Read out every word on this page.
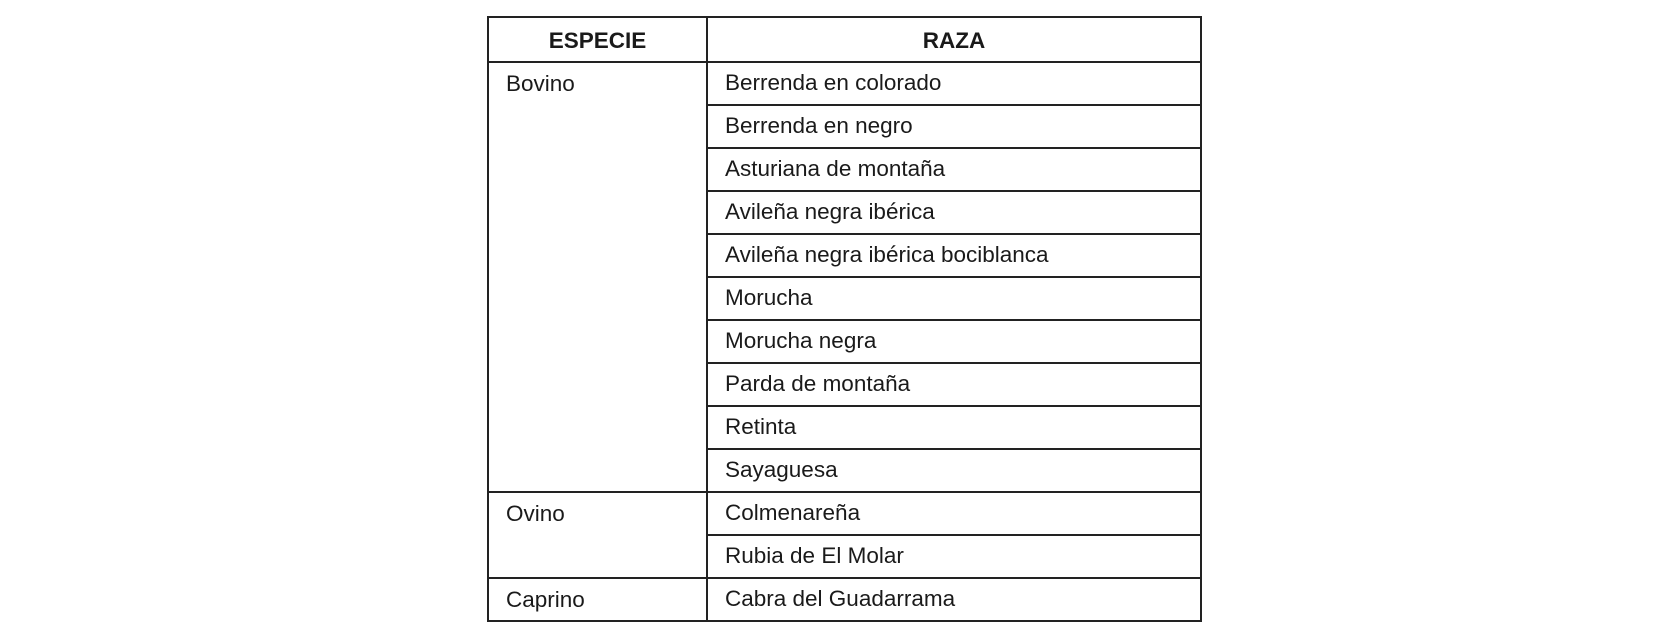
ESPECIE	RAZA
Bovino	Berrenda en colorado
	Berrenda en negro
	Asturiana de montaña
	Avileña negra ibérica
	Avileña negra ibérica bociblanca
	Morucha
	Morucha negra
	Parda de montaña
	Retinta
	Sayaguesa
Ovino	Colmenareña
	Rubia de El Molar
Caprino	Cabra del Guadarrama
